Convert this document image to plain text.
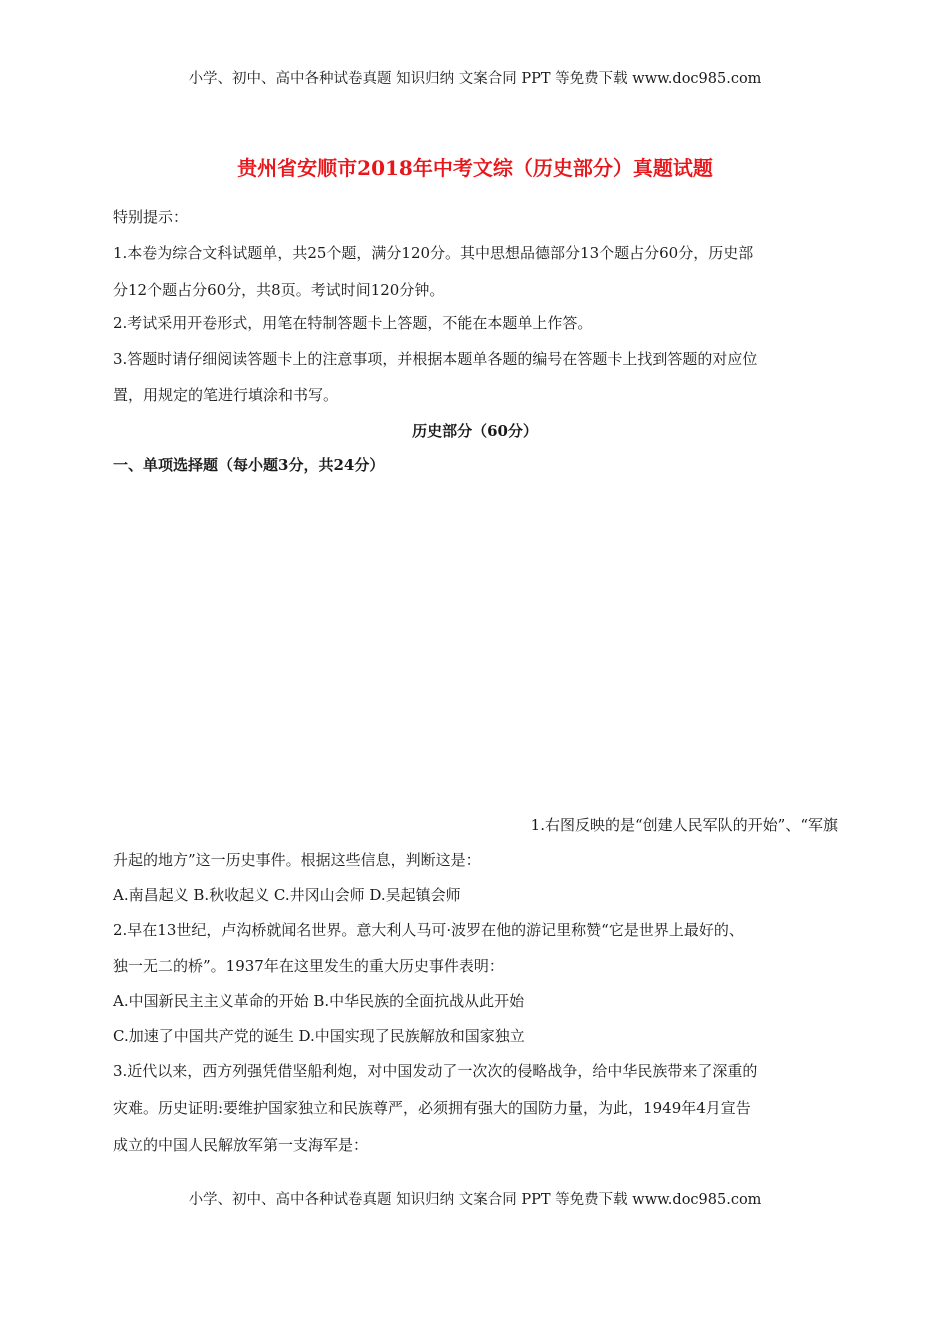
小学、初中、高中各种试卷真题 知识归纳 文案合同 PPT 等免费下载 www.doc985.com
贵州省安顺市2018年中考文综（历史部分）真题试题
特别提示：
1.本卷为综合文科试题单，共25个题，满分120分。其中思想品德部分13个题占分60分，历史部
分12个题占分60分，共8页。考试时间120分钟。
2.考试采用开卷形式，用笔在特制答题卡上答题，不能在本题单上作答。
3.答题时请仔细阅读答题卡上的注意事项，并根据本题单各题的编号在答题卡上找到答题的对应位
置，用规定的笔进行填涂和书写。
历史部分（60分）
一、单项选择题（每小题3分，共24分）
1.右图反映的是“创建人民军队的开始”、“军旗
升起的地方”这一历史事件。根据这些信息，判断这是：
A.南昌起义 B.秋收起义 C.井冈山会师 D.吴起镇会师
2.早在13世纪，卢沟桥就闻名世界。意大利人马可·波罗在他的游记里称赞“它是世界上最好的、
独一无二的桥”。1937年在这里发生的重大历史事件表明：
A.中国新民主主义革命的开始 B.中华民族的全面抗战从此开始
C.加速了中国共产党的诞生 D.中国实现了民族解放和国家独立
3.近代以来，西方列强凭借坚船利炮，对中国发动了一次次的侵略战争，给中华民族带来了深重的
灾难。历史证明:要维护国家独立和民族尊严，必须拥有强大的国防力量，为此，1949年4月宣告
成立的中国人民解放军第一支海军是：
小学、初中、高中各种试卷真题 知识归纳 文案合同 PPT 等免费下载 www.doc985.com
